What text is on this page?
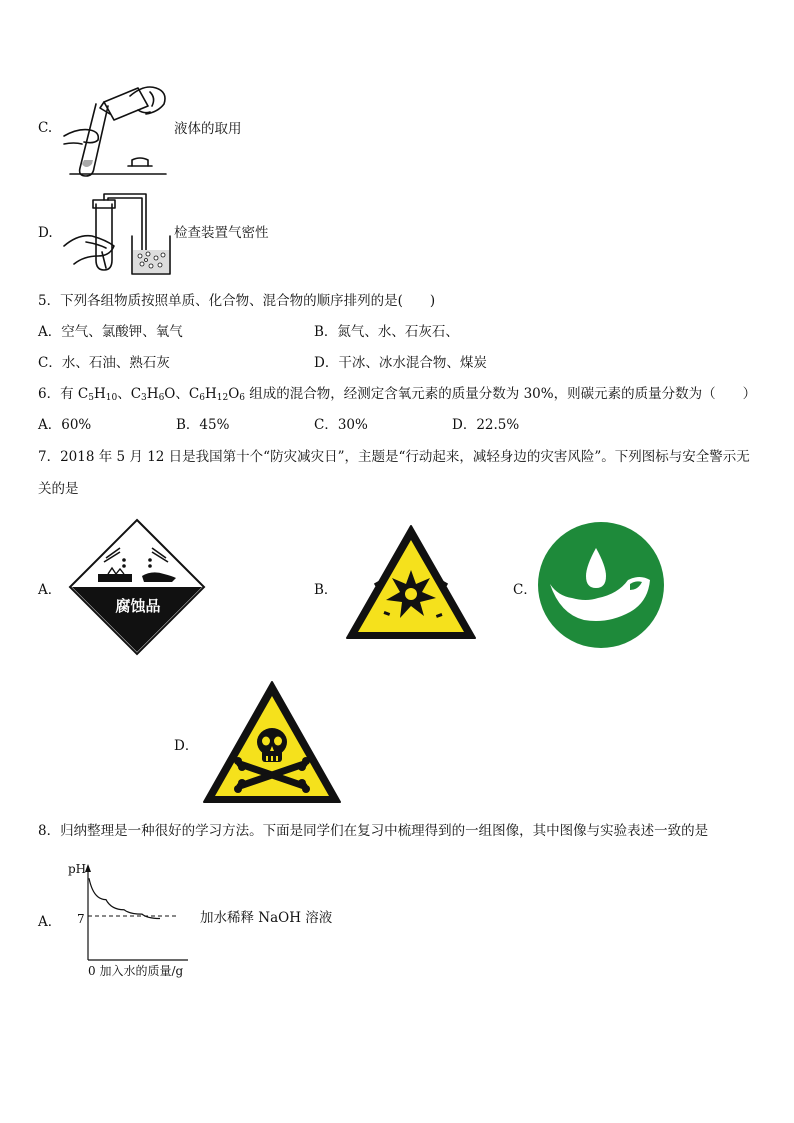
C.	液体的取用
D.	检查装置气密性
5．下列各组物质按照单质、化合物、混合物的顺序排列的是(　　)
A．空气、氯酸钾、氧气	B．氮气、水、石灰石、
C．水、石油、熟石灰	D．干冰、冰水混合物、煤炭
6．有 $C_5H_{10}$、$C_3H_6O$、$C_6H_{12}O_6$ 组成的混合物，经测定含氧元素的质量分数为 30%，则碳元素的质量分数为（　　）
A．60%	B．45%	C．30%	D．22.5%
7．2018 年 5 月 12 日是我国第十个“防灾减灾日”，主题是“行动起来，减轻身边的灾害风险”。下列图标与安全警示无
关的是
A．
腐蚀品
B．	C．
D．
8．归纳整理是一种很好的学习方法。下面是同学们在复习中梳理得到的一组图像，其中图像与实验表述一致的是
A．
pH
7
0 加入水的质量/g
加水稀释 NaOH 溶液
